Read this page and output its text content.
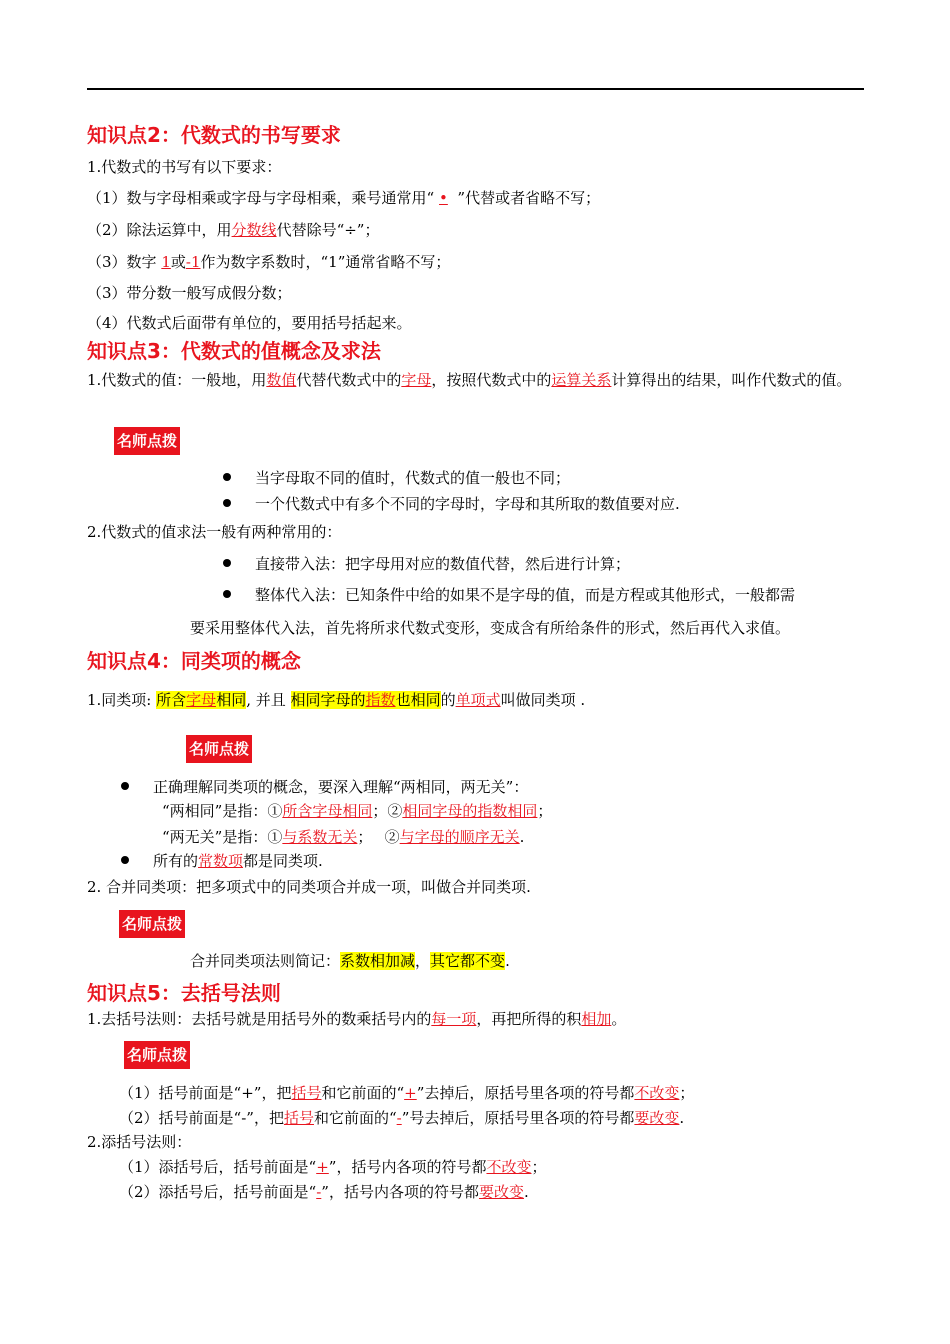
知识点2：代数式的书写要求
1.代数式的书写有以下要求：
（1）数与字母相乘或字母与字母相乘，乘号通常用“ • ”代替或者省略不写；
（2）除法运算中，用分数线代替除号“÷”；
（3）数字 1或-1作为数字系数时，“1”通常省略不写；
（3）带分数一般写成假分数；
（4）代数式后面带有单位的，要用括号括起来。
知识点3：代数式的值概念及求法
1.代数式的值：一般地，用数值代替代数式中的字母，按照代数式中的运算关系计算得出的结果，叫作代数式的值。
名师点拨
当字母取不同的值时，代数式的值一般也不同；
一个代数式中有多个不同的字母时，字母和其所取的数值要对应.
2.代数式的值求法一般有两种常用的：
直接带入法：把字母用对应的数值代替，然后进行计算；
整体代入法：已知条件中给的如果不是字母的值，而是方程或其他形式，一般都需
要采用整体代入法，首先将所求代数式变形，变成含有所给条件的形式，然后再代入求值。
知识点4：同类项的概念
1.同类项: 所含字母相同, 并且 相同字母的指数也相同的单项式叫做同类项 .
名师点拨
正确理解同类项的概念，要深入理解“两相同，两无关”：
“两相同”是指：①所含字母相同；②相同字母的指数相同；
“两无关”是指：①与系数无关；　 ②与字母的顺序无关.
所有的常数项都是同类项.
2. 合并同类项：把多项式中的同类项合并成一项，叫做合并同类项.
名师点拨
合并同类项法则简记：系数相加减，其它都不变.
知识点5：去括号法则
1.去括号法则：去括号就是用括号外的数乘括号内的每一项，再把所得的积相加。
名师点拨
（1）括号前面是“+”，把括号和它前面的“+”去掉后，原括号里各项的符号都不改变；
（2）括号前面是“-”，把括号和它前面的“-”号去掉后，原括号里各项的符号都要改变.
2.添括号法则：
（1）添括号后，括号前面是“+”，括号内各项的符号都不改变；
（2）添括号后，括号前面是“-”，括号内各项的符号都要改变.
